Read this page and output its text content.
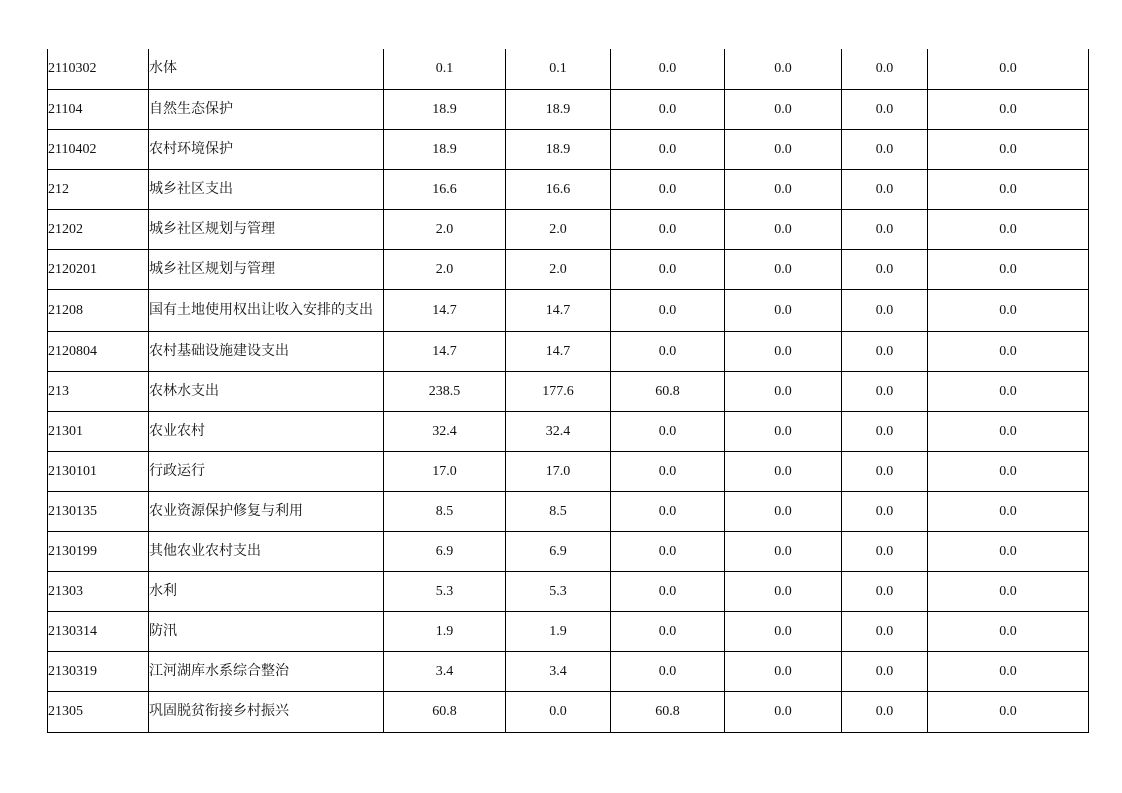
2110302	水体	0.1	0.1	0.0	0.0	0.0	0.0
21104	自然生态保护	18.9	18.9	0.0	0.0	0.0	0.0
2110402	农村环境保护	18.9	18.9	0.0	0.0	0.0	0.0
212	城乡社区支出	16.6	16.6	0.0	0.0	0.0	0.0
21202	城乡社区规划与管理	2.0	2.0	0.0	0.0	0.0	0.0
2120201	城乡社区规划与管理	2.0	2.0	0.0	0.0	0.0	0.0
21208	国有土地使用权出让收入安排的支出	14.7	14.7	0.0	0.0	0.0	0.0
2120804	农村基础设施建设支出	14.7	14.7	0.0	0.0	0.0	0.0
213	农林水支出	238.5	177.6	60.8	0.0	0.0	0.0
21301	农业农村	32.4	32.4	0.0	0.0	0.0	0.0
2130101	行政运行	17.0	17.0	0.0	0.0	0.0	0.0
2130135	农业资源保护修复与利用	8.5	8.5	0.0	0.0	0.0	0.0
2130199	其他农业农村支出	6.9	6.9	0.0	0.0	0.0	0.0
21303	水利	5.3	5.3	0.0	0.0	0.0	0.0
2130314	防汛	1.9	1.9	0.0	0.0	0.0	0.0
2130319	江河湖库水系综合整治	3.4	3.4	0.0	0.0	0.0	0.0
21305	巩固脱贫衔接乡村振兴	60.8	0.0	60.8	0.0	0.0	0.0
